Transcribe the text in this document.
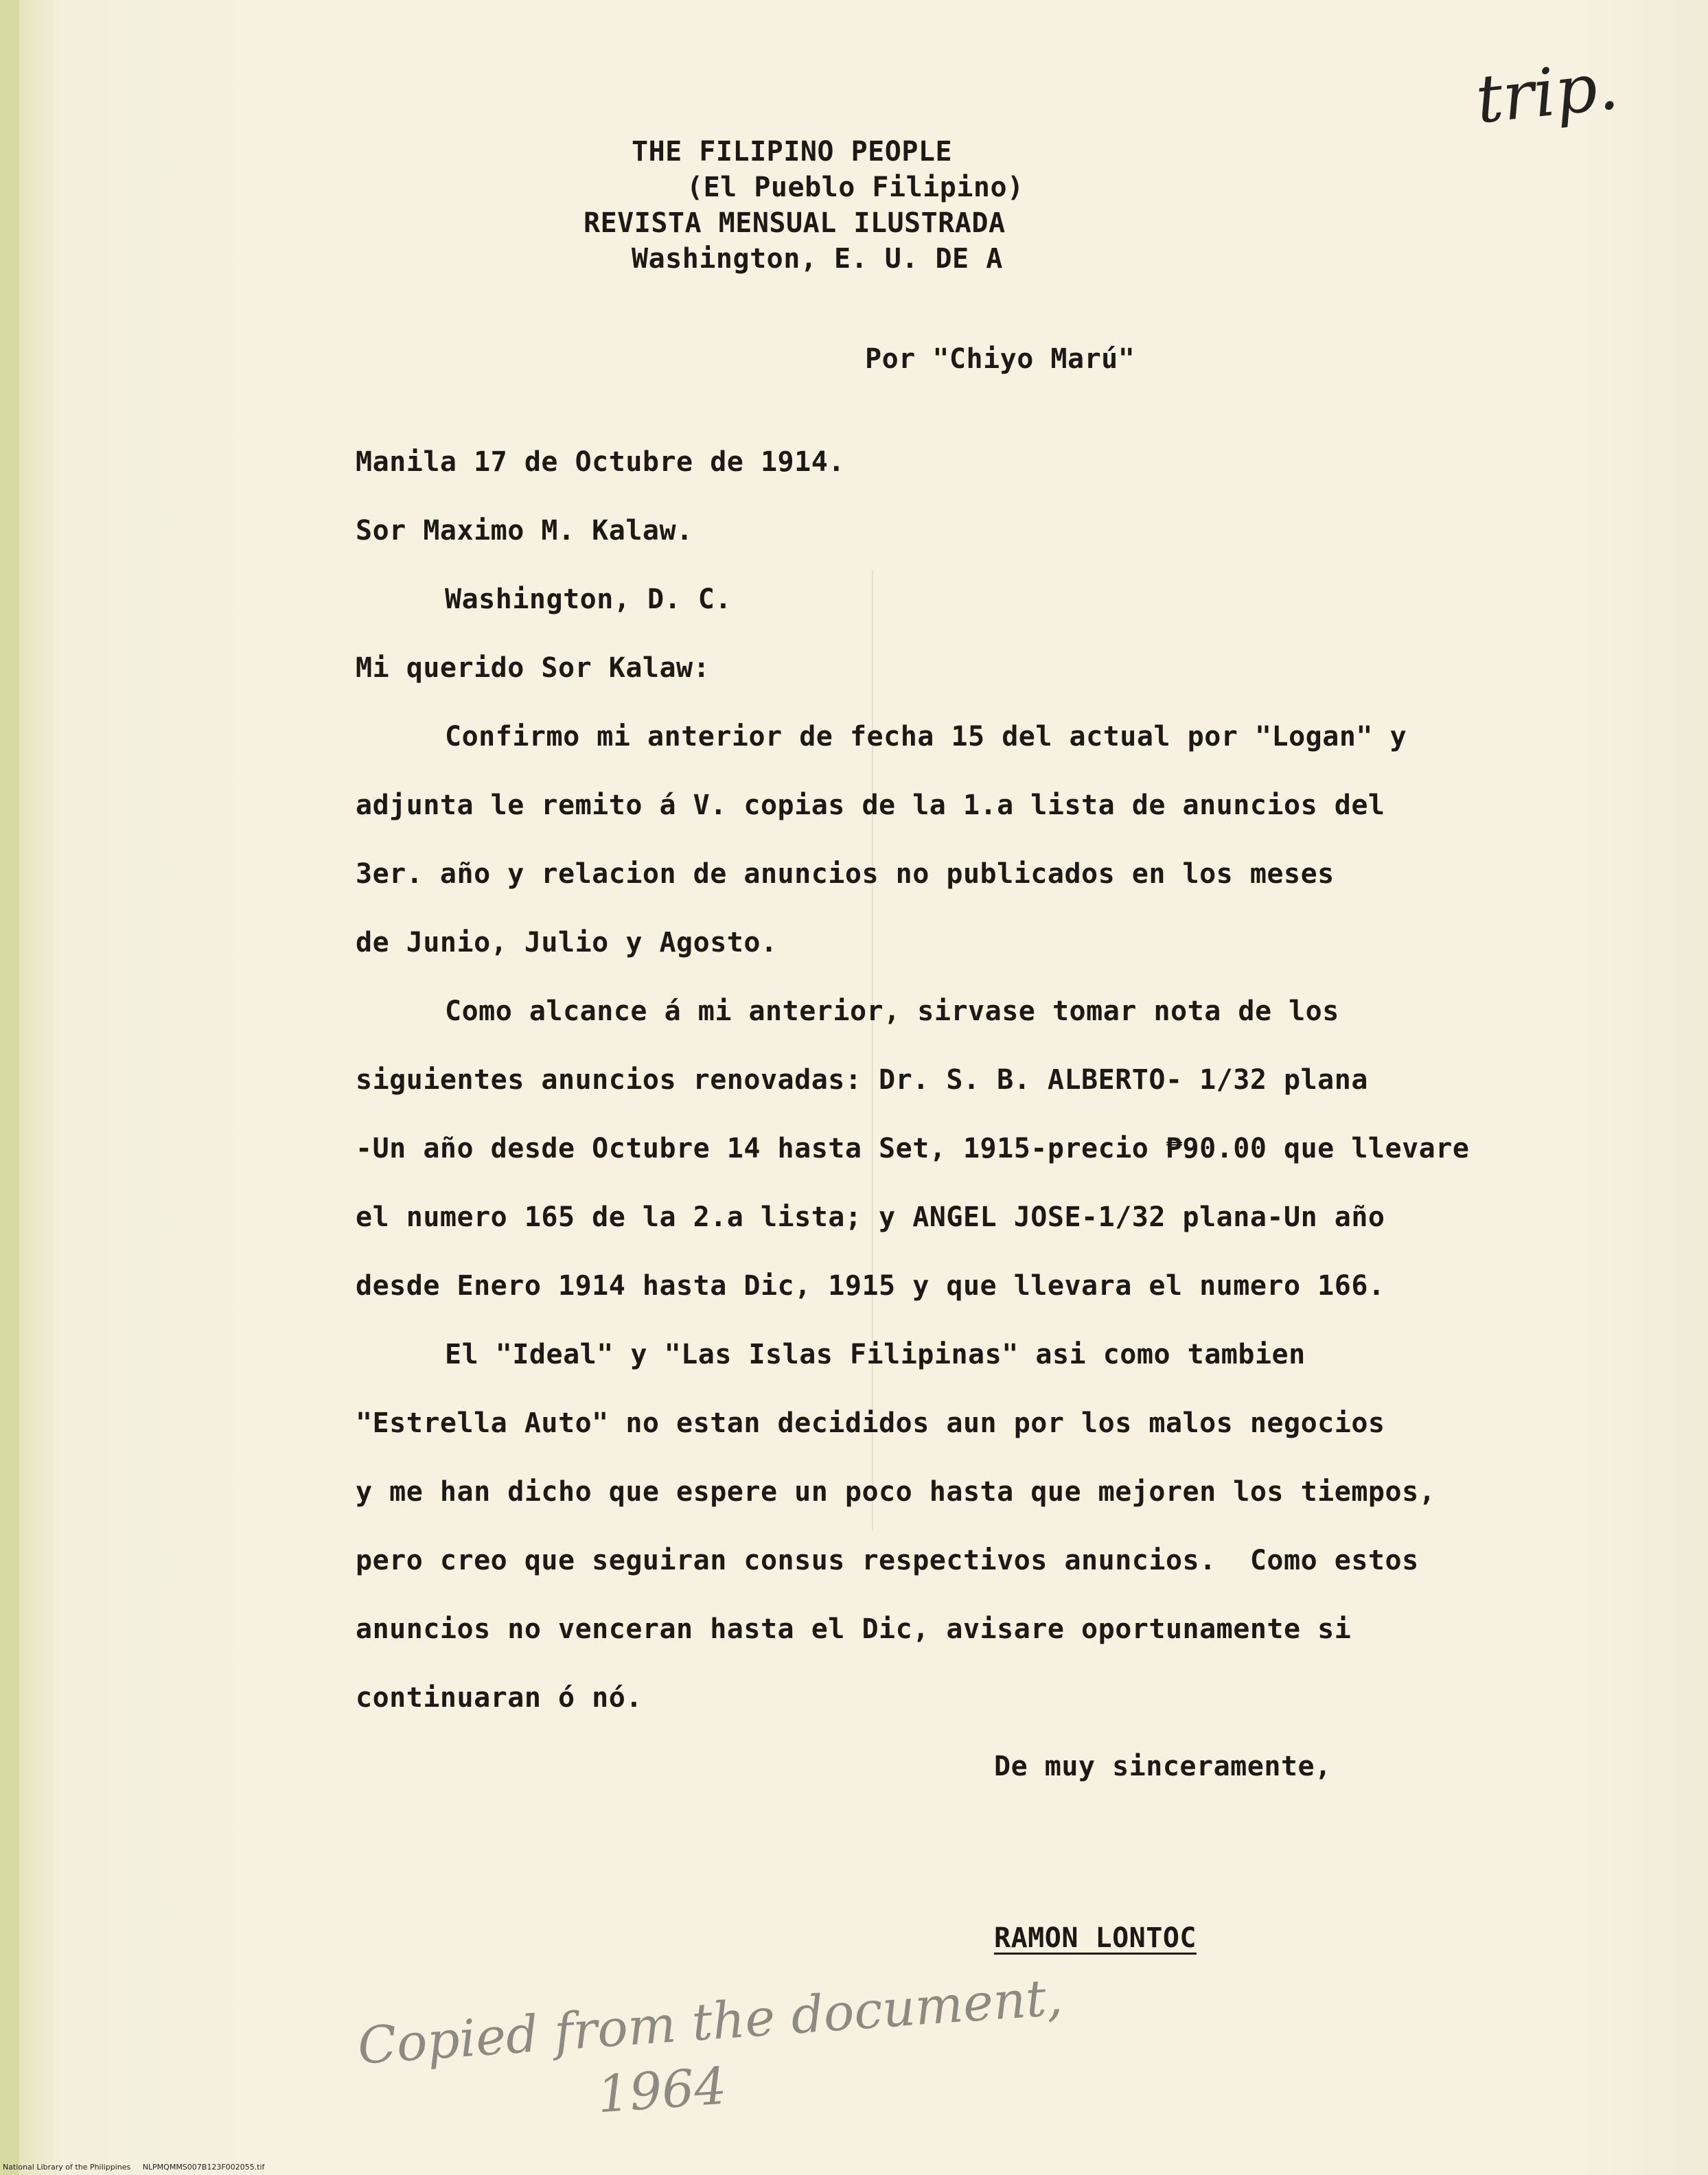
trip.
THE FILIPINO PEOPLE
(El Pueblo Filipino)
REVISTA MENSUAL ILUSTRADA
Washington, E. U. DE A
Por "Chiyo Marú"
Manila 17 de Octubre de 1914.
Sor Maximo M. Kalaw.
Washington, D. C.
Mi querido Sor Kalaw:
Confirmo mi anterior de fecha 15 del actual por "Logan" y
adjunta le remito á V. copias de la 1.a lista de anuncios del
3er. año y relacion de anuncios no publicados en los meses
de Junio, Julio y Agosto.
Como alcance á mi anterior, sirvase tomar nota de los
siguientes anuncios renovadas: Dr. S. B. ALBERTO- 1/32 plana
-Un año desde Octubre 14 hasta Set, 1915-precio ₱90.00 que llevare
el numero 165 de la 2.a lista; y ANGEL JOSE-1/32 plana-Un año
desde Enero 1914 hasta Dic, 1915 y que llevara el numero 166.
El "Ideal" y "Las Islas Filipinas" asi como tambien
"Estrella Auto" no estan decididos aun por los malos negocios
y me han dicho que espere un poco hasta que mejoren los tiempos,
pero creo que seguiran consus respectivos anuncios.  Como estos
anuncios no venceran hasta el Dic, avisare oportunamente si
continuaran ó nó.
De muy sinceramente,
RAMON LONTOC
Copied from the document,
1964
National Library of the Philippines     NLPMQMMS007B123F002055.tif
